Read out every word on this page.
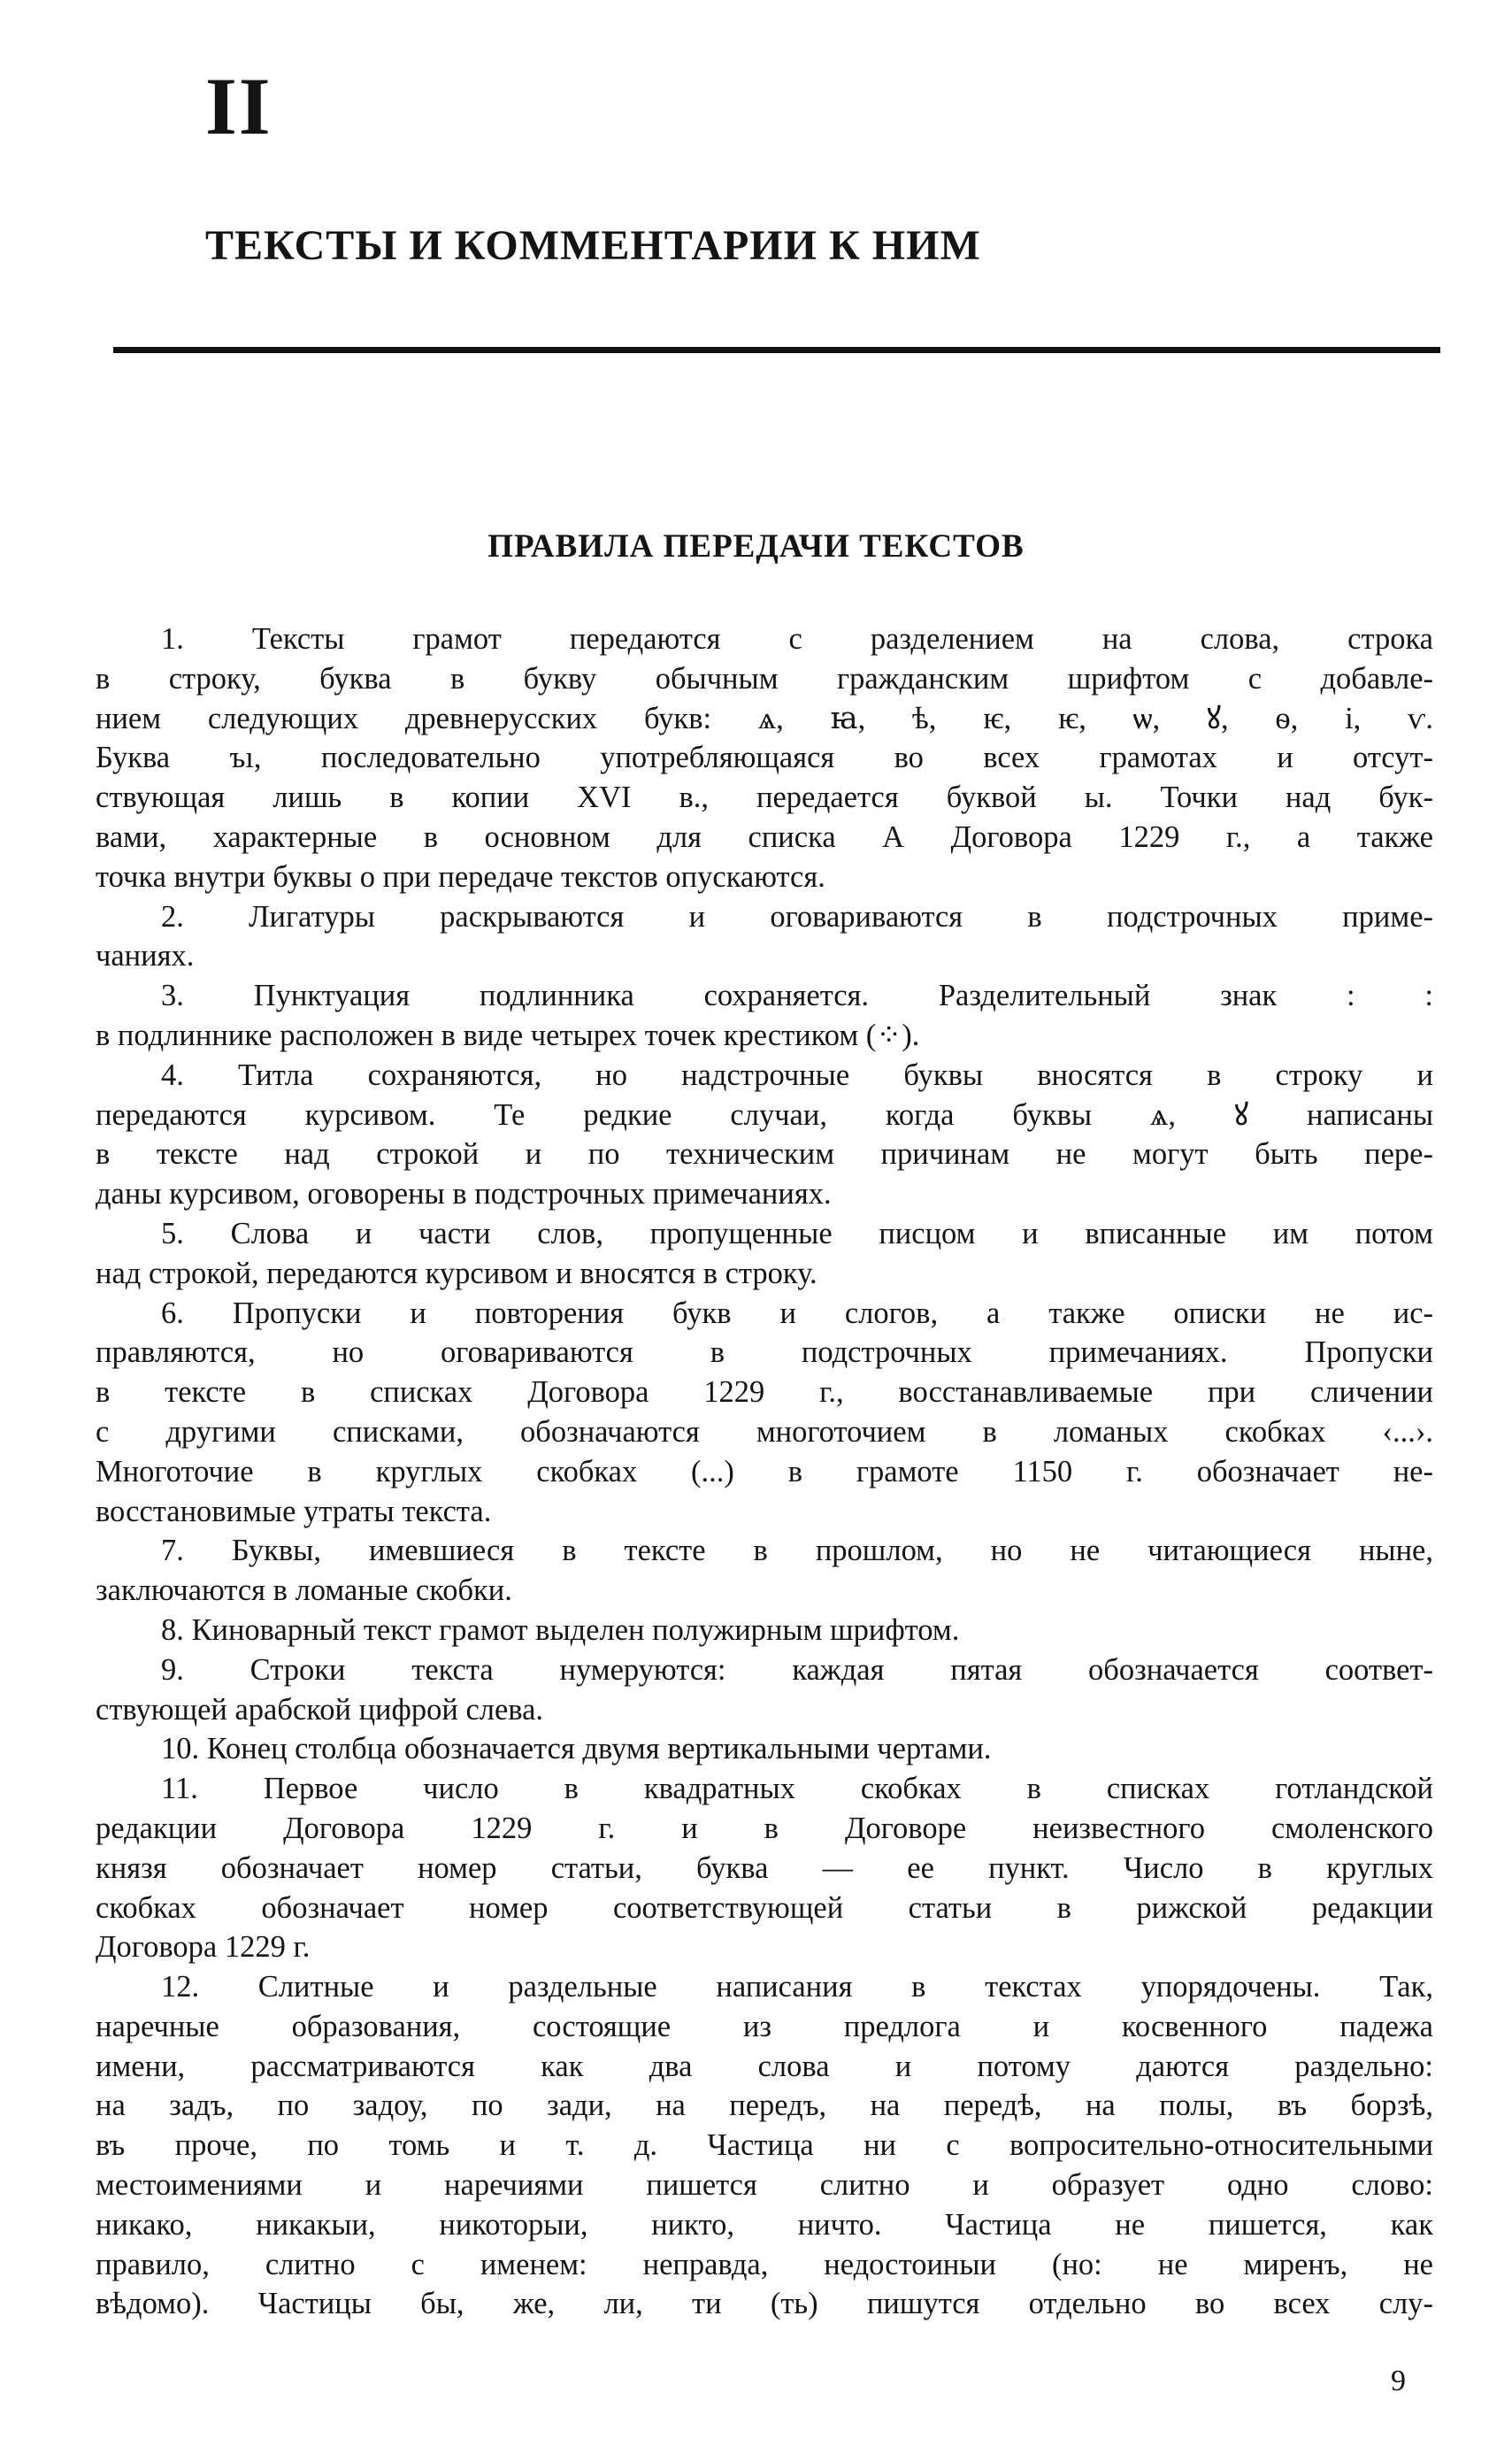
II
ТЕКСТЫ И КОММЕНТАРИИ К НИМ
ПРАВИЛА ПЕРЕДАЧИ ТЕКСТОВ
1. Тексты грамот передаются с разделением на слова, строка
в строку, буква в букву обычным гражданским шрифтом с добавле-
нием следующих древнерусских букв: ѧ, ꙗ, ѣ, ѥ, ѥ, ѡ, ꙋ, ѳ, і, ѵ.
Буква ъı, последовательно употребляющаяся во всех грамотах и отсут-
ствующая лишь в копии XVI в., передается буквой ы. Точки над бук-
вами, характерные в основном для списка А Договора 1229 г., а также
точка внутри буквы о при передаче текстов опускаются.
2. Лигатуры раскрываются и оговариваются в подстрочных приме-
чаниях.
3. Пунктуация подлинника сохраняется. Разделительный знак : :
в подлиннике расположен в виде четырех точек крестиком (⁘).
4. Титла сохраняются, но надстрочные буквы вносятся в строку и
передаются курсивом. Те редкие случаи, когда буквы ѧ, ꙋ написаны
в тексте над строкой и по техническим причинам не могут быть пере-
даны курсивом, оговорены в подстрочных примечаниях.
5. Слова и части слов, пропущенные писцом и вписанные им потом
над строкой, передаются курсивом и вносятся в строку.
6. Пропуски и повторения букв и слогов, а также описки не ис-
правляются, но оговариваются в подстрочных примечаниях. Пропуски
в тексте в списках Договора 1229 г., восстанавливаемые при сличении
с другими списками, обозначаются многоточием в ломаных скобках ‹...›.
Многоточие в круглых скобках (...) в грамоте 1150 г. обозначает не-
восстановимые утраты текста.
7. Буквы, имевшиеся в тексте в прошлом, но не читающиеся ныне,
заключаются в ломаные скобки.
8. Киноварный текст грамот выделен полужирным шрифтом.
9. Строки текста нумеруются: каждая пятая обозначается соответ-
ствующей арабской цифрой слева.
10. Конец столбца обозначается двумя вертикальными чертами.
11. Первое число в квадратных скобках в списках готландской
редакции Договора 1229 г. и в Договоре неизвестного смоленского
князя обозначает номер статьи, буква — ее пункт. Число в круглых
скобках обозначает номер соответствующей статьи в рижской редакции
Договора 1229 г.
12. Слитные и раздельные написания в текстах упорядочены. Так,
наречные образования, состоящие из предлога и косвенного падежа
имени, рассматриваются как два слова и потому даются раздельно:
на задъ, по задоу, по зади, на передъ, на передѣ, на полы, въ борзѣ,
въ проче, по томь и т. д. Частица ни с вопросительно-относительными
местоимениями и наречиями пишется слитно и образует одно слово:
никако, никакыи, никоторыи, никто, ничто. Частица не пишется, как
правило, слитно с именем: неправда, недостоиныи (но: не миренъ, не
вѣдомо). Частицы бы, же, ли, ти (ть) пишутся отдельно во всех слу-
9
